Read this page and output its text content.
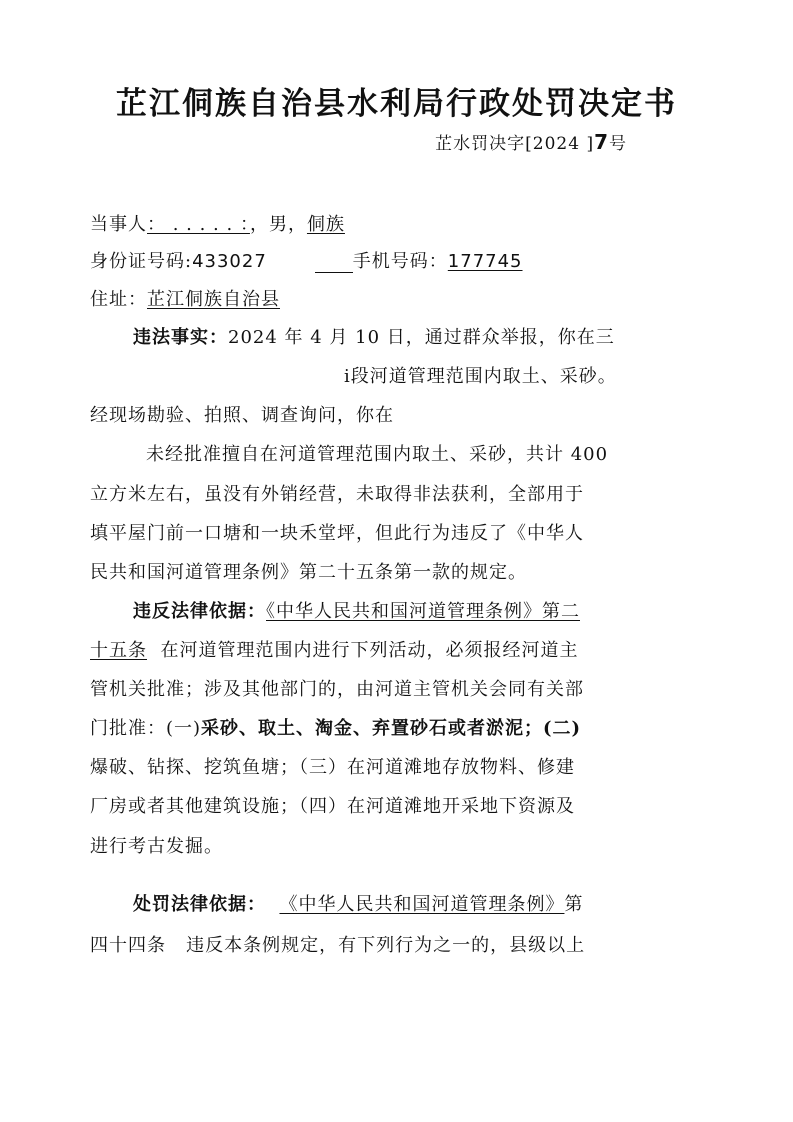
芷江侗族自治县水利局行政处罚决定书
芷水罚决字[2024 ]7号
当事人： . . . . . ：，男，侗族
身份证号码:433027	手机号码：177745
住址：芷江侗族自治县
违法事实：2024 年 4 月 10 日，通过群众举报，你在三
i段河道管理范围内取土、采砂。
经现场勘验、拍照、调查询问，你在
未经批准擅自在河道管理范围内取土、采砂，共计 400
立方米左右，虽没有外销经营，未取得非法获利，全部用于
填平屋门前一口塘和一块禾堂坪，但此行为违反了《中华人
民共和国河道管理条例》第二十五条第一款的规定。
违反法律依据：《中华人民共和国河道管理条例》第二
十五条 在河道管理范围内进行下列活动，必须报经河道主
管机关批准；涉及其他部门的，由河道主管机关会同有关部
门批准：(一)采砂、取土、淘金、弃置砂石或者淤泥；(二)
爆破、钻探、挖筑鱼塘；（三）在河道滩地存放物料、修建
厂房或者其他建筑设施；（四）在河道滩地开采地下资源及
进行考古发掘。
处罚法律依据： 《中华人民共和国河道管理条例》第
四十四条 违反本条例规定，有下列行为之一的，县级以上
